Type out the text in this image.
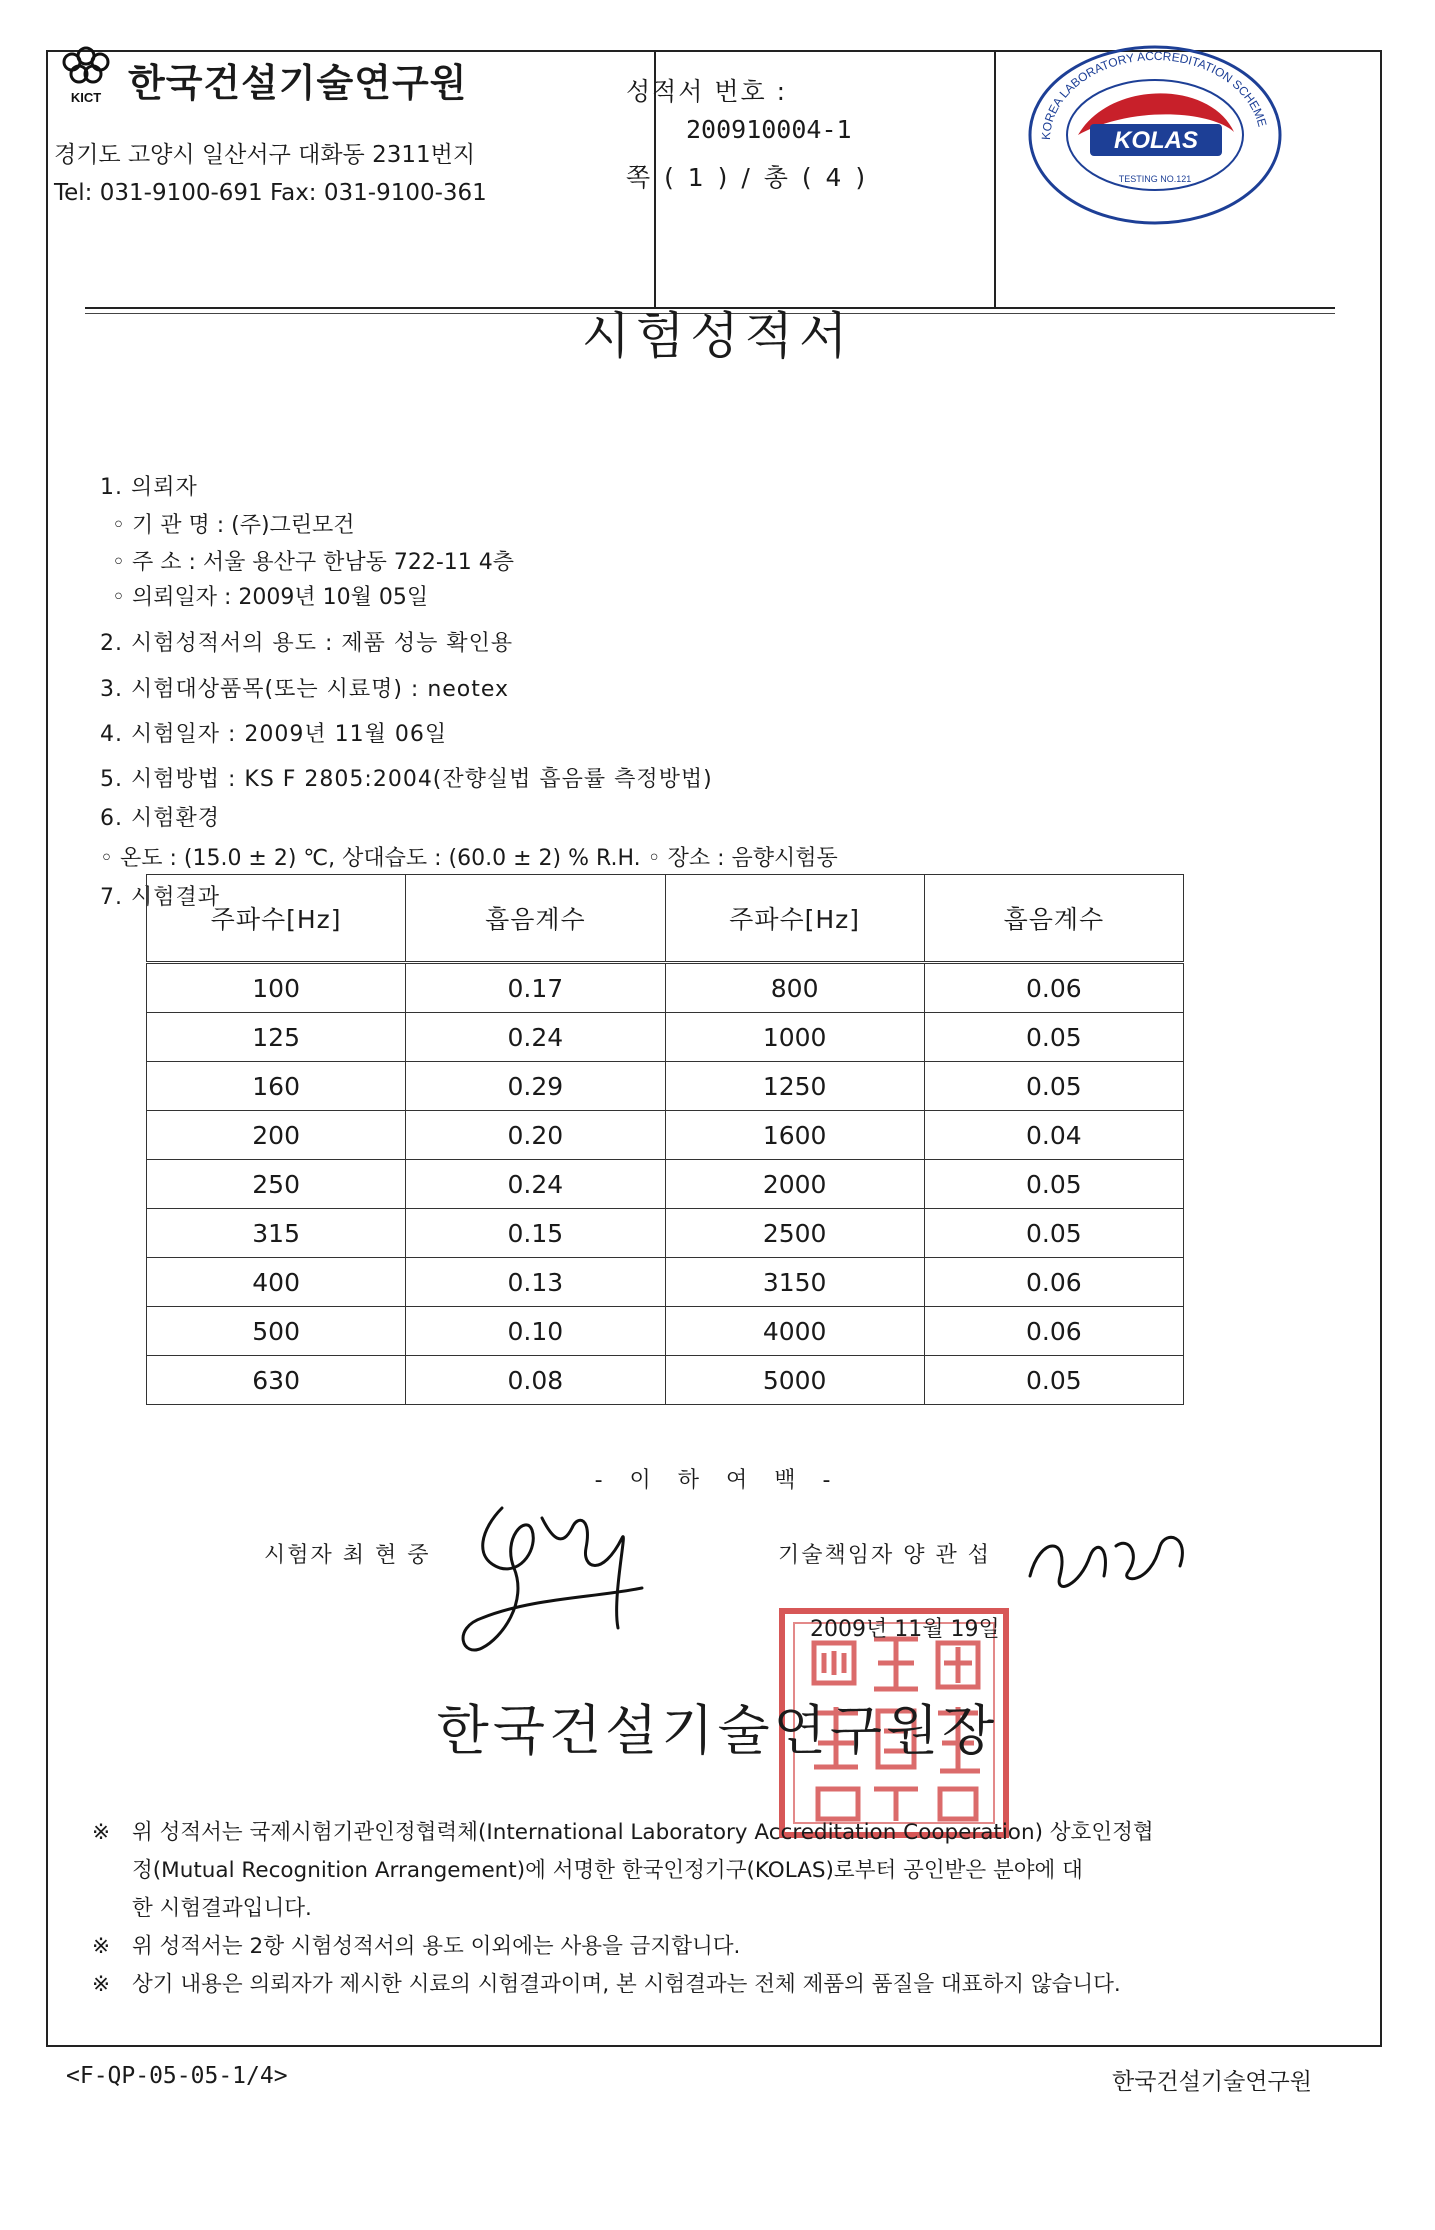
KICT 한국건설기술연구원
경기도 고양시 일산서구 대화동 2311번지
Tel: 031-9100-691 Fax: 031-9100-361
성적서 번호 :
200910004-1
쪽 ( 1 ) / 총 ( 4 )
KOLAS
KOREA LABORATORY ACCREDITATION SCHEME
TESTING NO.121
시험성적서
1. 의뢰자
◦ 기 관 명 : (주)그린모건
◦ 주 소 : 서울 용산구 한남동 722-11 4층
◦ 의뢰일자 : 2009년 10월 05일
2. 시험성적서의 용도 : 제품 성능 확인용
3. 시험대상품목(또는 시료명) : neotex
4. 시험일자 : 2009년 11월 06일
5. 시험방법 : KS F 2805:2004(잔향실법 흡음률 측정방법)
6. 시험환경
◦ 온도 : (15.0 ± 2) ℃, 상대습도 : (60.0 ± 2) % R.H. ◦ 장소 : 음향시험동
7. 시험결과
주파수[Hz]	흡음계수	주파수[Hz]	흡음계수
100	0.17	800	0.06
125	0.24	1000	0.05
160	0.29	1250	0.05
200	0.20	1600	0.04
250	0.24	2000	0.05
315	0.15	2500	0.05
400	0.13	3150	0.06
500	0.10	4000	0.06
630	0.08	5000	0.05
- 이 하 여 백 -
시험자 최 현 중	기술책임자 양 관 섭
2009년 11월 19일
한국건설기술연구원장

※ 위 성적서는 국제시험기관인정협력체(International Laboratory Accreditation Cooperation) 상호인정협

정(Mutual Recognition Arrangement)에 서명한 한국인정기구(KOLAS)로부터 공인받은 분야에 대

한 시험결과입니다.

※ 위 성적서는 2항 시험성적서의 용도 이외에는 사용을 금지합니다.

※ 상기 내용은 의뢰자가 제시한 시료의 시험결과이며, 본 시험결과는 전체 제품의 품질을 대표하지 않습니다.

<F-QP-05-05-1/4>	한국건설기술연구원
